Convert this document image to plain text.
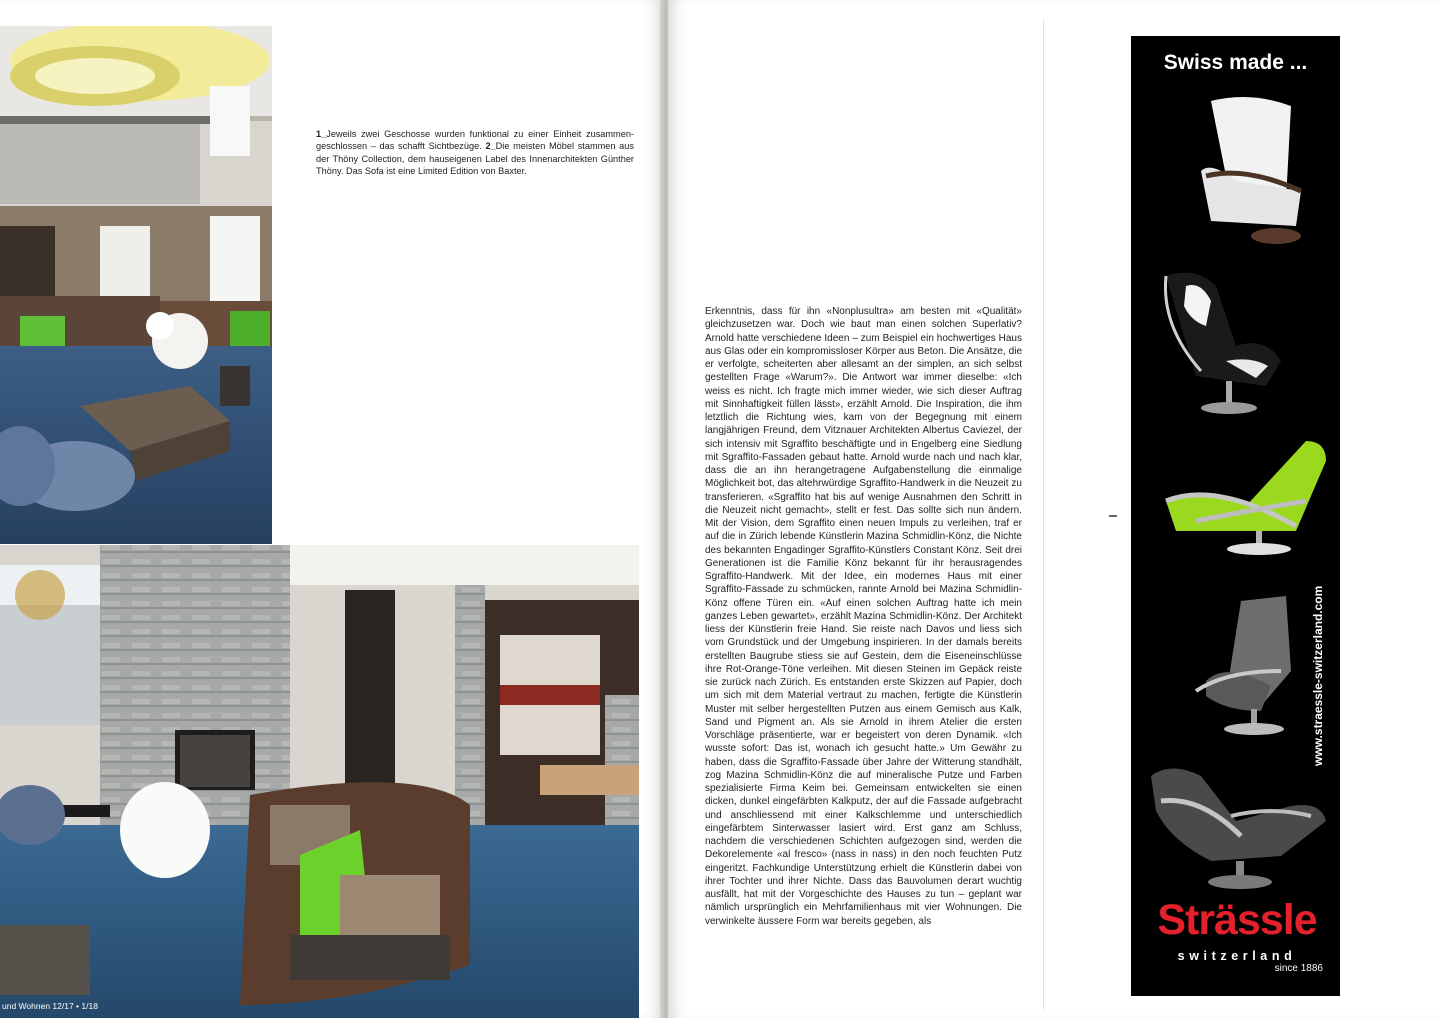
1_Jeweils zwei Geschosse wurden funktional zu einer Einheit zusammen-geschlossen – das schafft Sichtbezüge. 2_Die meisten Möbel stammen aus der Thöny Collection, dem hauseigenen Label des Innenarchitekten Günther Thöny. Das Sofa ist eine Limited Edition von Baxter.
und Wohnen 12/17 • 1/18
Erkenntnis, dass für ihn «Nonplusultra» am besten mit «Qualität» gleichzusetzen war. Doch wie baut man einen solchen Superlativ? Arnold hatte verschiedene Ideen – zum Beispiel ein hochwertiges Haus aus Glas oder ein kompromissloser Körper aus Beton. Die Ansätze, die er verfolgte, scheiterten aber allesamt an der simplen, an sich selbst gestellten Frage «Warum?». Die Antwort war immer dieselbe: «Ich weiss es nicht. Ich fragte mich immer wieder, wie sich dieser Auftrag mit Sinnhaftigkeit füllen lässt», erzählt Arnold. Die Inspiration, die ihm letztlich die Richtung wies, kam von der Begegnung mit einem langjährigen Freund, dem Vitznauer Architekten Albertus Caviezel, der sich intensiv mit Sgraffito beschäftigte und in Engelberg eine Siedlung mit Sgraffito-Fassaden gebaut hatte. Arnold wurde nach und nach klar, dass die an ihn herangetragene Aufgabenstellung die einmalige Möglichkeit bot, das altehrwürdige Sgraffito-Handwerk in die Neuzeit zu transferieren. «Sgraffito hat bis auf wenige Ausnahmen den Schritt in die Neuzeit nicht gemacht», stellt er fest. Das sollte sich nun ändern. Mit der Vision, dem Sgraffito einen neuen Impuls zu verleihen, traf er auf die in Zürich lebende Künstlerin Mazina Schmidlin-Könz, die Nichte des bekannten Engadinger Sgraffito-Künstlers Constant Könz. Seit drei Generationen ist die Familie Könz bekannt für ihr herausragendes Sgraffito-Handwerk. Mit der Idee, ein modernes Haus mit einer Sgraffito-Fassade zu schmücken, rannte Arnold bei Mazina Schmidlin-Könz offene Türen ein. «Auf einen solchen Auftrag hatte ich mein ganzes Leben gewartet», erzählt Mazina Schmidlin-Könz. Der Architekt liess der Künstlerin freie Hand. Sie reiste nach Davos und liess sich vom Grundstück und der Umgebung inspirieren. In der damals bereits erstellten Baugrube stiess sie auf Gestein, dem die Eiseneinschlüsse ihre Rot-Orange-Töne verleihen. Mit diesen Steinen im Gepäck reiste sie zurück nach Zürich. Es entstanden erste Skizzen auf Papier, doch um sich mit dem Material vertraut zu machen, fertigte die Künstlerin Muster mit selber hergestellten Putzen aus einem Gemisch aus Kalk, Sand und Pigment an. Als sie Arnold in ihrem Atelier die ersten Vorschläge präsentierte, war er begeistert von deren Dynamik. «Ich wusste sofort: Das ist, wonach ich gesucht hatte.» Um Gewähr zu haben, dass die Sgraffito-Fassade über Jahre der Witterung standhält, zog Mazina Schmidlin-Könz die auf mineralische Putze und Farben spezialisierte Firma Keim bei. Gemeinsam entwickelten sie einen dicken, dunkel eingefärbten Kalkputz, der auf die Fassade aufgebracht und anschliessend mit einer Kalkschlemme und unterschiedlich eingefärbtem Sinterwasser lasiert wird. Erst ganz am Schluss, nachdem die verschiedenen Schichten aufgezogen sind, werden die Dekorelemente «al fresco» (nass in nass) in den noch feuchten Putz eingeritzt. Fachkundige Unterstützung erhielt die Künstlerin dabei von ihrer Tochter und ihrer Nichte. Dass das Bauvolumen derart wuchtig ausfällt, hat mit der Vorgeschichte des Hauses zu tun – geplant war nämlich ursprünglich ein Mehrfamilienhaus mit vier Wohnungen. Die verwinkelte äussere Form war bereits gegeben, als
Swiss made ...
www.straessle-switzerland.com
Strässle
switzerland
since 1886
